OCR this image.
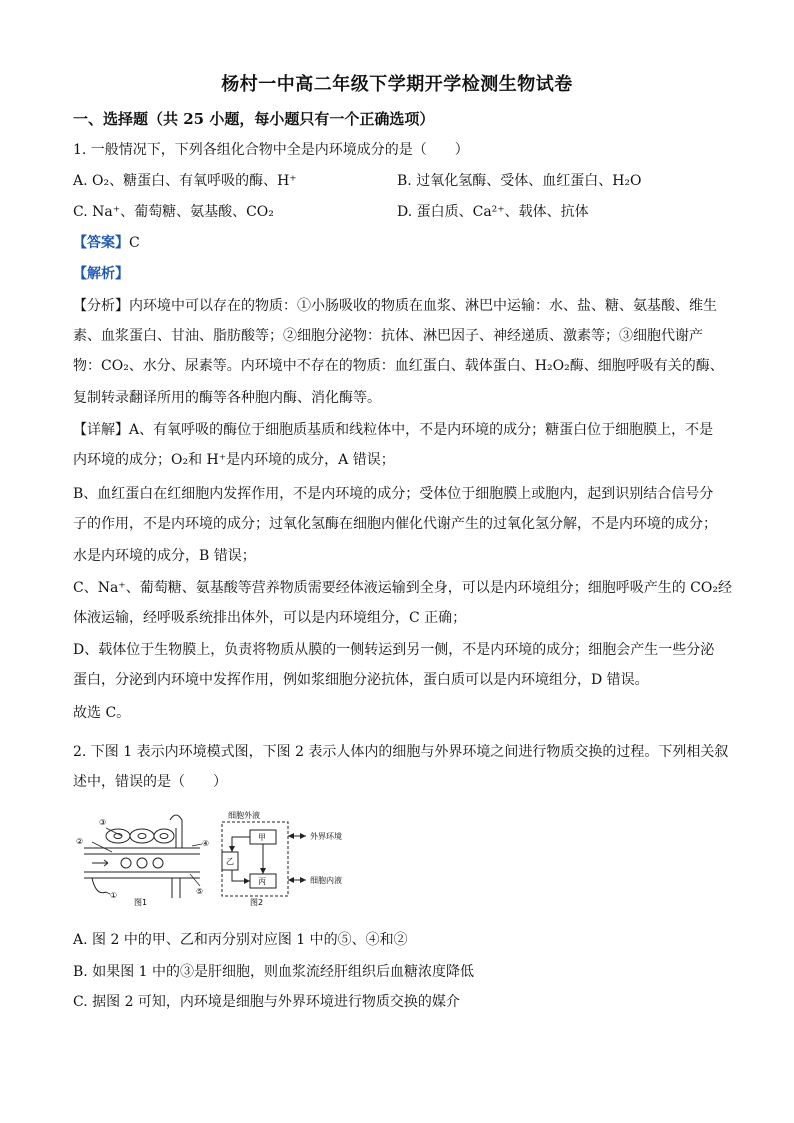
杨村一中高二年级下学期开学检测生物试卷
一、选择题（共 25 小题，每小题只有一个正确选项）
1. 一般情况下，下列各组化合物中全是内环境成分的是（　　）
A. O₂、糖蛋白、有氧呼吸的酶、H⁺	B. 过氧化氢酶、受体、血红蛋白、H₂O
C. Na⁺、葡萄糖、氨基酸、CO₂	D. 蛋白质、Ca²⁺、载体、抗体
【答案】C
【解析】
【分析】内环境中可以存在的物质：①小肠吸收的物质在血浆、淋巴中运输：水、盐、糖、氨基酸、维生
素、血浆蛋白、甘油、脂肪酸等；②细胞分泌物：抗体、淋巴因子、神经递质、激素等；③细胞代谢产
物：CO₂、水分、尿素等。内环境中不存在的物质：血红蛋白、载体蛋白、H₂O₂酶、细胞呼吸有关的酶、
复制转录翻译所用的酶等各种胞内酶、消化酶等。
【详解】A、有氧呼吸的酶位于细胞质基质和线粒体中，不是内环境的成分；糖蛋白位于细胞膜上，不是
内环境的成分；O₂和 H⁺是内环境的成分，A 错误；
B、血红蛋白在红细胞内发挥作用，不是内环境的成分；受体位于细胞膜上或胞内，起到识别结合信号分
子的作用，不是内环境的成分；过氧化氢酶在细胞内催化代谢产生的过氧化氢分解，不是内环境的成分；
水是内环境的成分，B 错误；
C、Na⁺、葡萄糖、氨基酸等营养物质需要经体液运输到全身，可以是内环境组分；细胞呼吸产生的 CO₂经
体液运输，经呼吸系统排出体外，可以是内环境组分，C 正确；
D、载体位于生物膜上，负责将物质从膜的一侧转运到另一侧，不是内环境的成分；细胞会产生一些分泌
蛋白，分泌到内环境中发挥作用，例如浆细胞分泌抗体，蛋白质可以是内环境组分，D 错误。
故选 C。
2. 下图 1 表示内环境模式图，下图 2 表示人体内的细胞与外界环境之间进行物质交换的过程。下列相关叙
述中，错误的是（　　）
③
②	④
⑤
①
图1
细胞外液
甲
乙
丙
外界环境
细胞内液
图2
A. 图 2 中的甲、乙和丙分别对应图 1 中的⑤、④和②
B. 如果图 1 中的③是肝细胞，则血浆流经肝组织后血糖浓度降低
C. 据图 2 可知，内环境是细胞与外界环境进行物质交换的媒介
